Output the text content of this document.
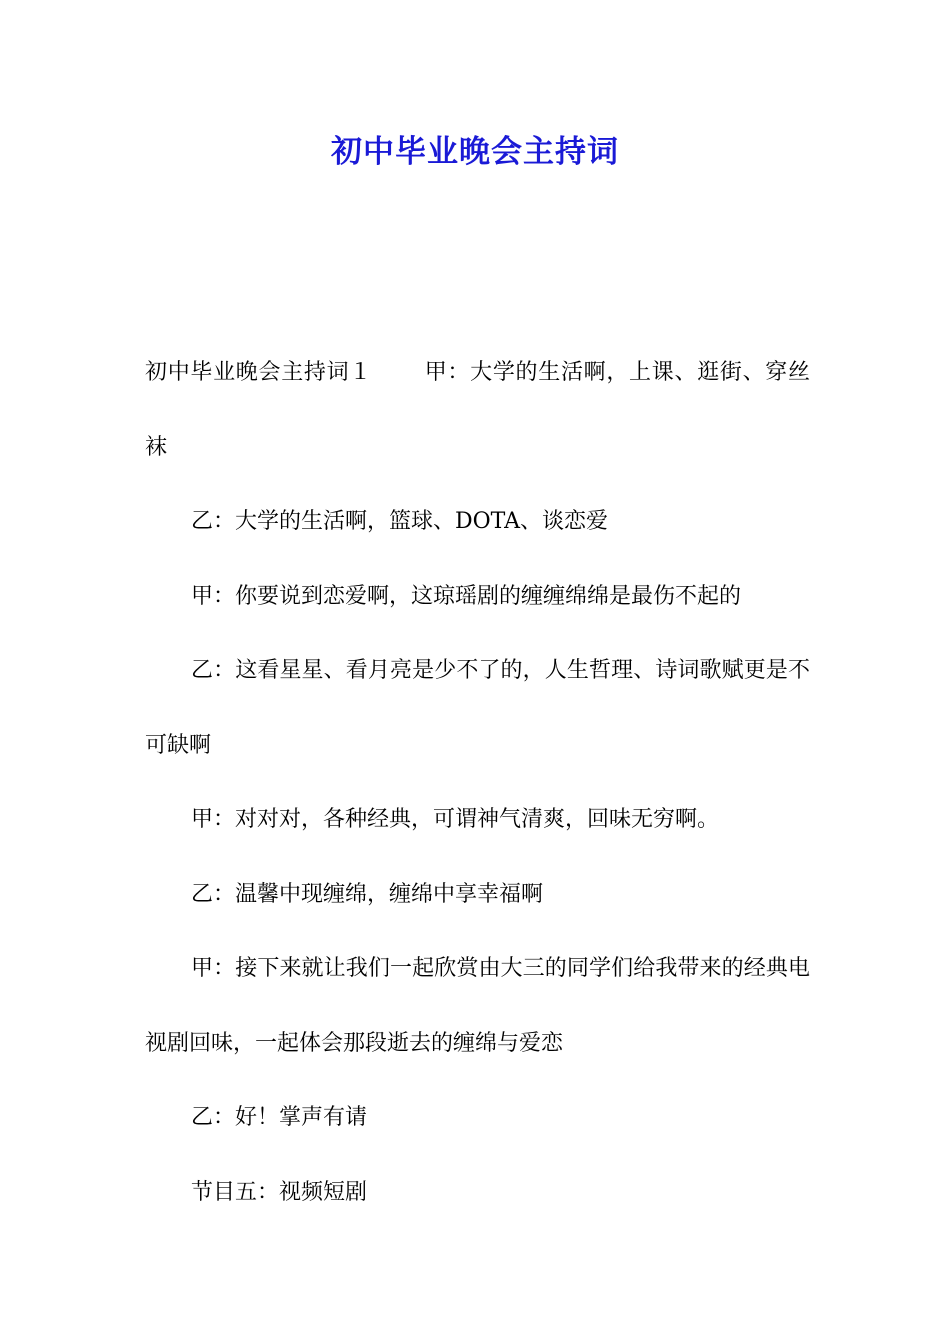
初中毕业晚会主持词

初中毕业晚会主持词１ 甲：大学的生活啊，上课、逛街、穿丝袜

乙：大学的生活啊，篮球、DOTA、谈恋爱

甲：你要说到恋爱啊，这琼瑶剧的缠缠绵绵是最伤不起的

乙：这看星星、看月亮是少不了的，人生哲理、诗词歌赋更是不可缺啊

甲：对对对，各种经典，可谓神气清爽，回味无穷啊。

乙：温馨中现缠绵，缠绵中享幸福啊

甲：接下来就让我们一起欣赏由大三的同学们给我带来的经典电视剧回味，一起体会那段逝去的缠绵与爱恋

乙：好！掌声有请

节目五：视频短剧
